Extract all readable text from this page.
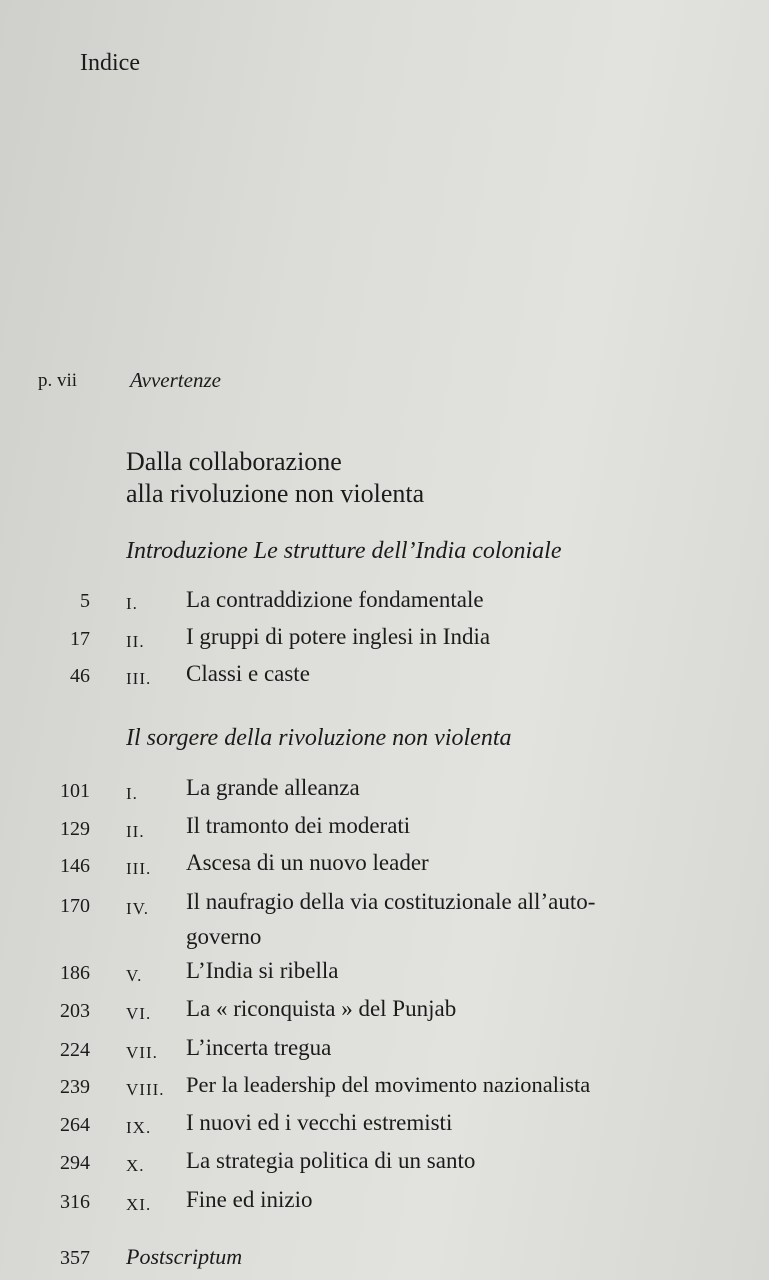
Indice
p. vii	Avvertenze
Dalla collaborazione
alla rivoluzione non violenta
Introduzione Le strutture dell’India coloniale
5 I. La contraddizione fondamentale
17 II. I gruppi di potere inglesi in India
46 III. Classi e caste
Il sorgere della rivoluzione non violenta
101 I. La grande alleanza
129 II. Il tramonto dei moderati
146 III. Ascesa di un nuovo leader
170 IV. Il naufragio della via costituzionale all’auto-
governo
186 V. L’India si ribella
203 VI. La « riconquista » del Punjab
224 VII. L’incerta tregua
239 VIII. Per la leadership del movimento nazionalista
264 IX. I nuovi ed i vecchi estremisti
294 X. La strategia politica di un santo
316 XI. Fine ed inizio
357 Postscriptum
